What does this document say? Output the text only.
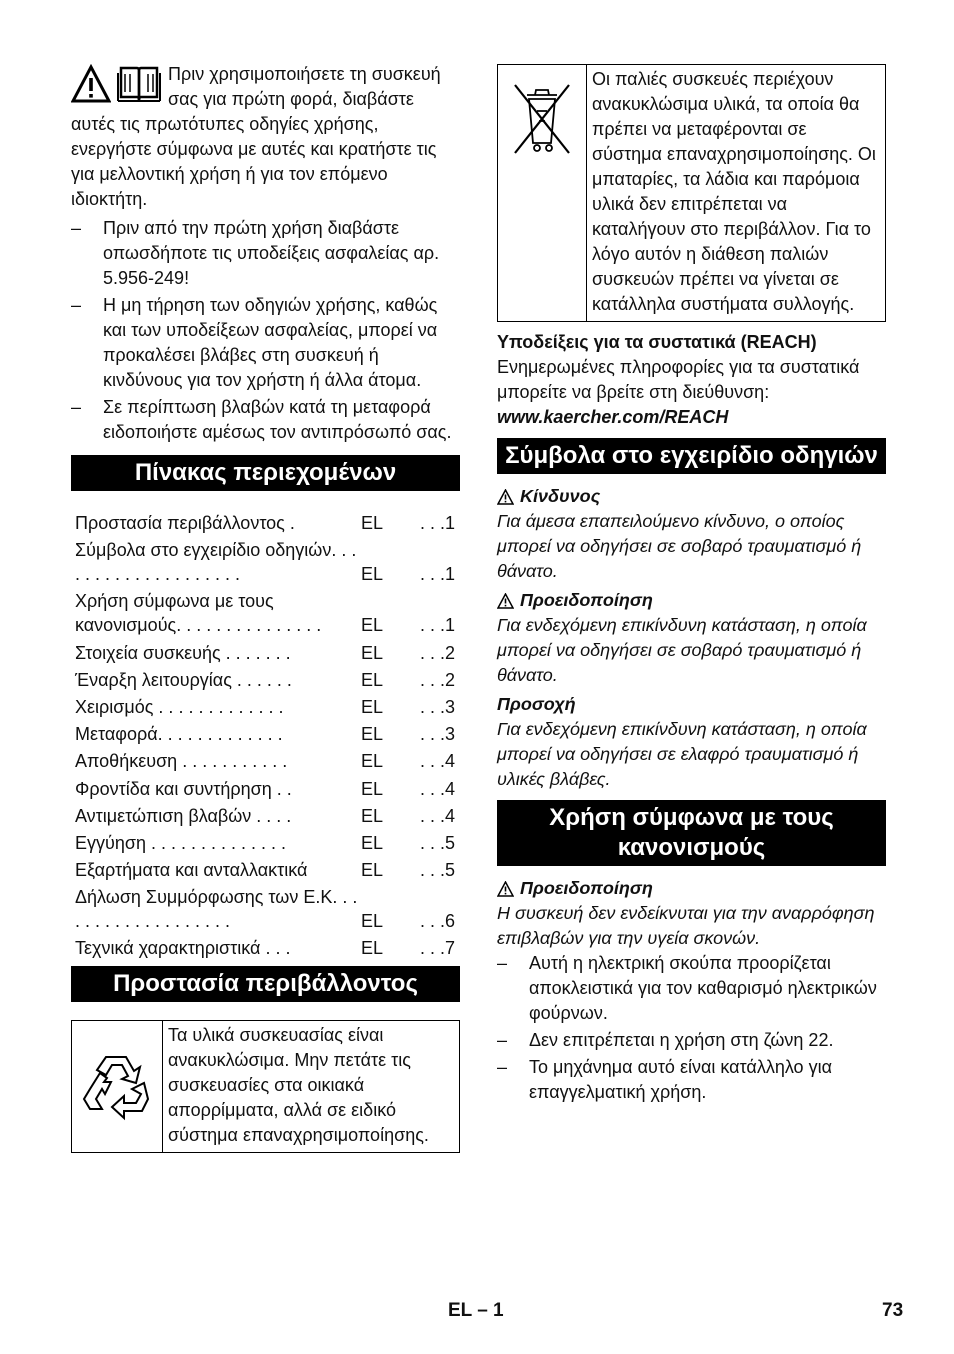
Πριν χρησιμοποιήσετε τη συσκευή σας για πρώτη φορά, διαβάστε αυτές τις πρωτότυπες οδηγίες χρήσης, ενεργήστε σύμφωνα με αυτές και κρατήστε τις για μελλοντική χρήση ή για τον επόμενο ιδιοκτήτη.

– Πριν από την πρώτη χρήση διαβάστε οπωσδήποτε τις υποδείξεις ασφαλείας αρ. 5.956-249!
– Η μη τήρηση των οδηγιών χρήσης, καθώς και των υποδείξεων ασφαλείας, μπορεί να προκαλέσει βλάβες στη συσκευή ή κινδύνους για τον χρήστη ή άλλα άτομα.
– Σε περίπτωση βλαβών κατά τη μεταφορά ειδοποιήστε αμέσως τον αντιπρόσωπό σας.
Πίνακας περιεχομένων
Προστασία περιβάλλοντος .	EL	. . .1
Σύμβολα στο εγχειρίδιο οδηγιών. . . . . . . . . . . . . . . . . . . .	EL	. . .1
Χρήση σύμφωνα με τους κανονισμούς. . . . . . . . . . . . . . .	EL	. . .1
Στοιχεία συσκευής . . . . . . .	EL	. . .2
Έναρξη λειτουργίας . . . . . .	EL	. . .2
Χειρισμός . . . . . . . . . . . . .	EL	. . .3
Μεταφορά. . . . . . . . . . . . .	EL	. . .3
Αποθήκευση . . . . . . . . . . .	EL	. . .4
Φροντίδα και συντήρηση . .	EL	. . .4
Αντιμετώπιση βλαβών . . . .	EL	. . .4
Εγγύηση . . . . . . . . . . . . . .	EL	. . .5
Εξαρτήματα και ανταλλακτικά	EL	. . .5
Δήλωση Συμμόρφωσης των Ε.Κ. . . . . . . . . . . . . . . . . . .	EL	. . .6
Τεχνικά χαρακτηριστικά . . .	EL	. . .7
Προστασία περιβάλλοντος
Τα υλικά συσκευασίας είναι ανακυκλώσιμα. Μην πετάτε τις συσκευασίες στα οικιακά απορρίμματα, αλλά σε ειδικό σύστημα επαναχρησιμοποίησης.
Οι παλιές συσκευές περιέχουν ανακυκλώσιμα υλικά, τα οποία θα πρέπει να μεταφέρονται σε σύστημα επαναχρησιμοποίησης. Οι μπαταρίες, τα λάδια και παρόμοια υλικά δεν επιτρέπεται να καταλήγουν στο περιβάλλον. Για το λόγο αυτόν η διάθεση παλιών συσκευών πρέπει να γίνεται σε κατάλληλα συστήματα συλλογής.
Υποδείξεις για τα συστατικά (REACH)
Ενημερωμένες πληροφορίες για τα συστατικά μπορείτε να βρείτε στη διεύθυνση:
www.kaercher.com/REACH
Σύμβολα στο εγχειρίδιο οδηγιών
Κίνδυνος

Για άμεσα επαπειλούμενο κίνδυνο, ο οποίος μπορεί να οδηγήσει σε σοβαρό τραυματισμό ή θάνατο.

Προειδοποίηση

Για ενδεχόμενη επικίνδυνη κατάσταση, η οποία μπορεί να οδηγήσει σε σοβαρό τραυματισμό ή θάνατο.

Προσοχή

Για ενδεχόμενη επικίνδυνη κατάσταση, η οποία μπορεί να οδηγήσει σε ελαφρό τραυματισμό ή υλικές βλάβες.

Χρήση σύμφωνα με τους κανονισμούς
Προειδοποίηση

Η συσκευή δεν ενδείκνυται για την αναρρόφηση επιβλαβών για την υγεία σκονών.

– Αυτή η ηλεκτρική σκούπα προορίζεται αποκλειστικά για τον καθαρισμό ηλεκτρικών φούρνων.
– Δεν επιτρέπεται η χρήση στη ζώνη 22.
– Το μηχάνημα αυτό είναι κατάλληλο για επαγγελματική χρήση.
EL – 1	73
